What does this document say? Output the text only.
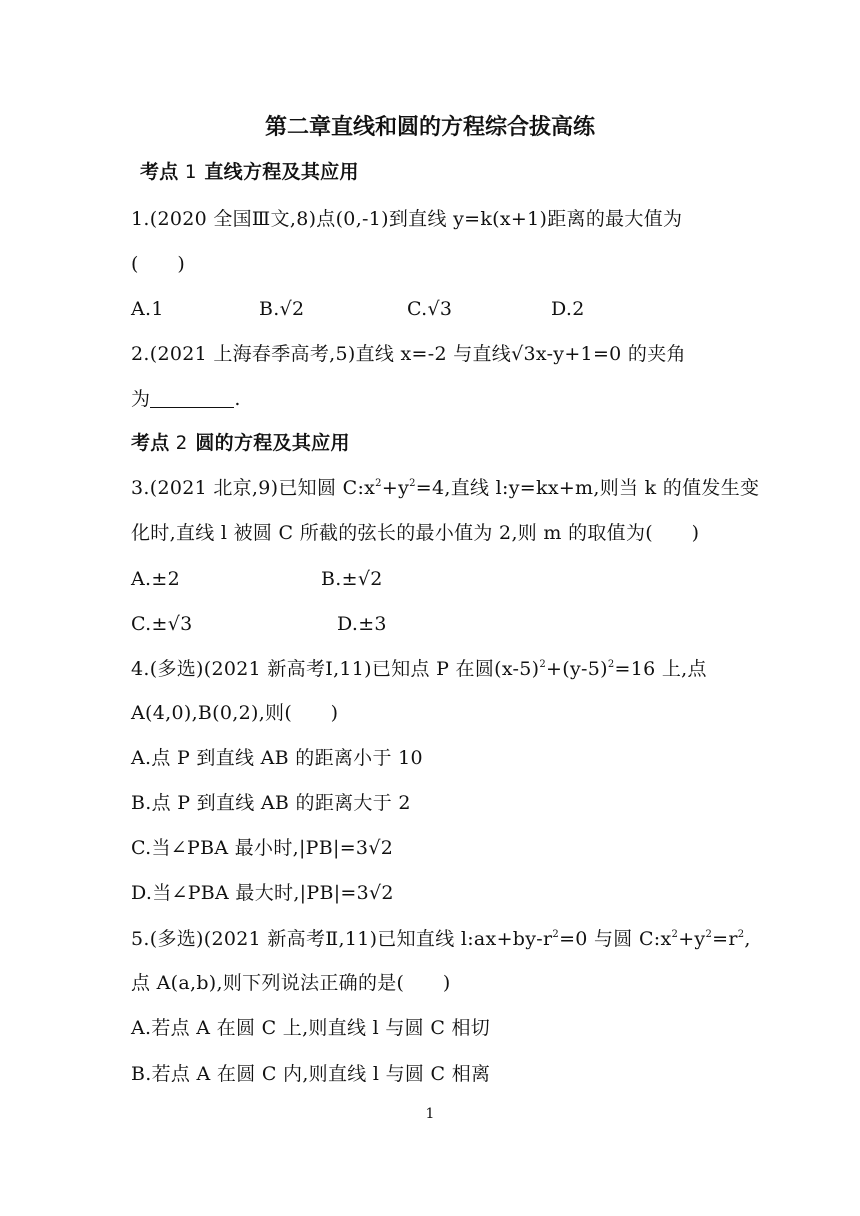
第二章直线和圆的方程综合拔高练
考点 1 直线方程及其应用
1.(2020 全国Ⅲ文,8)点(0,-1)到直线 y=k(x+1)距离的最大值为
(　　)
A.1	B.√2	C.√3	D.2
2.(2021 上海春季高考,5)直线 x=-2 与直线√3x-y+1=0 的夹角
为	.
考点 2 圆的方程及其应用
3.(2021 北京,9)已知圆 $C:x^2+y^2=4$,直线 l:y=kx+m,则当 k 的值发生变
化时,直线 l 被圆 C 所截的弦长的最小值为 2,则 m 的取值为(　　)
A.±2	B.±√2
C.±√3	D.±3
4.(多选)(2021 新高考Ⅰ,11)已知点 P 在圆$(x-5)^2+(y-5)^2=16$ 上,点
A(4,0),B(0,2),则(　　)
A.点 P 到直线 AB 的距离小于 10
B.点 P 到直线 AB 的距离大于 2
C.当∠PBA 最小时,|PB|=3√2
D.当∠PBA 最大时,|PB|=3√2
5.(多选)(2021 新高考Ⅱ,11)已知直线 $l:ax+by-r^2=0$ 与圆 $C:x^2+y^2=r^2$,
点 A(a,b),则下列说法正确的是(　　)
A.若点 A 在圆 C 上,则直线 l 与圆 C 相切
B.若点 A 在圆 C 内,则直线 l 与圆 C 相离
1
